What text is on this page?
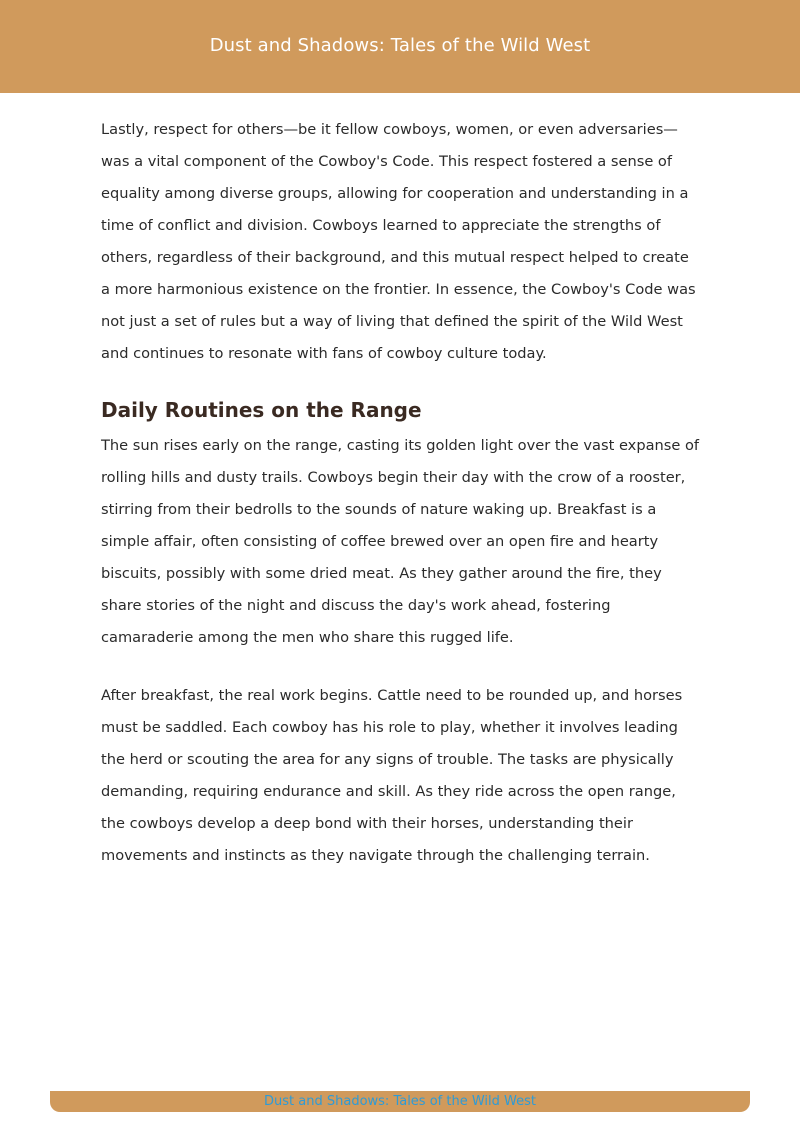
Dust and Shadows: Tales of the Wild West

Lastly, respect for others—be it fellow cowboys, women, or even adversaries—was a vital component of the Cowboy's Code. This respect fostered a sense of equality among diverse groups, allowing for cooperation and understanding in a time of conflict and division. Cowboys learned to appreciate the strengths of others, regardless of their background, and this mutual respect helped to create a more harmonious existence on the frontier. In essence, the Cowboy's Code was not just a set of rules but a way of living that defined the spirit of the Wild West and continues to resonate with fans of cowboy culture today.

Daily Routines on the Range

The sun rises early on the range, casting its golden light over the vast expanse of rolling hills and dusty trails. Cowboys begin their day with the crow of a rooster, stirring from their bedrolls to the sounds of nature waking up. Breakfast is a simple affair, often consisting of coffee brewed over an open fire and hearty biscuits, possibly with some dried meat. As they gather around the fire, they share stories of the night and discuss the day's work ahead, fostering camaraderie among the men who share this rugged life.

After breakfast, the real work begins. Cattle need to be rounded up, and horses must be saddled. Each cowboy has his role to play, whether it involves leading the herd or scouting the area for any signs of trouble. The tasks are physically demanding, requiring endurance and skill. As they ride across the open range, the cowboys develop a deep bond with their horses, understanding their movements and instincts as they navigate through the challenging terrain.

Dust and Shadows: Tales of the Wild West
